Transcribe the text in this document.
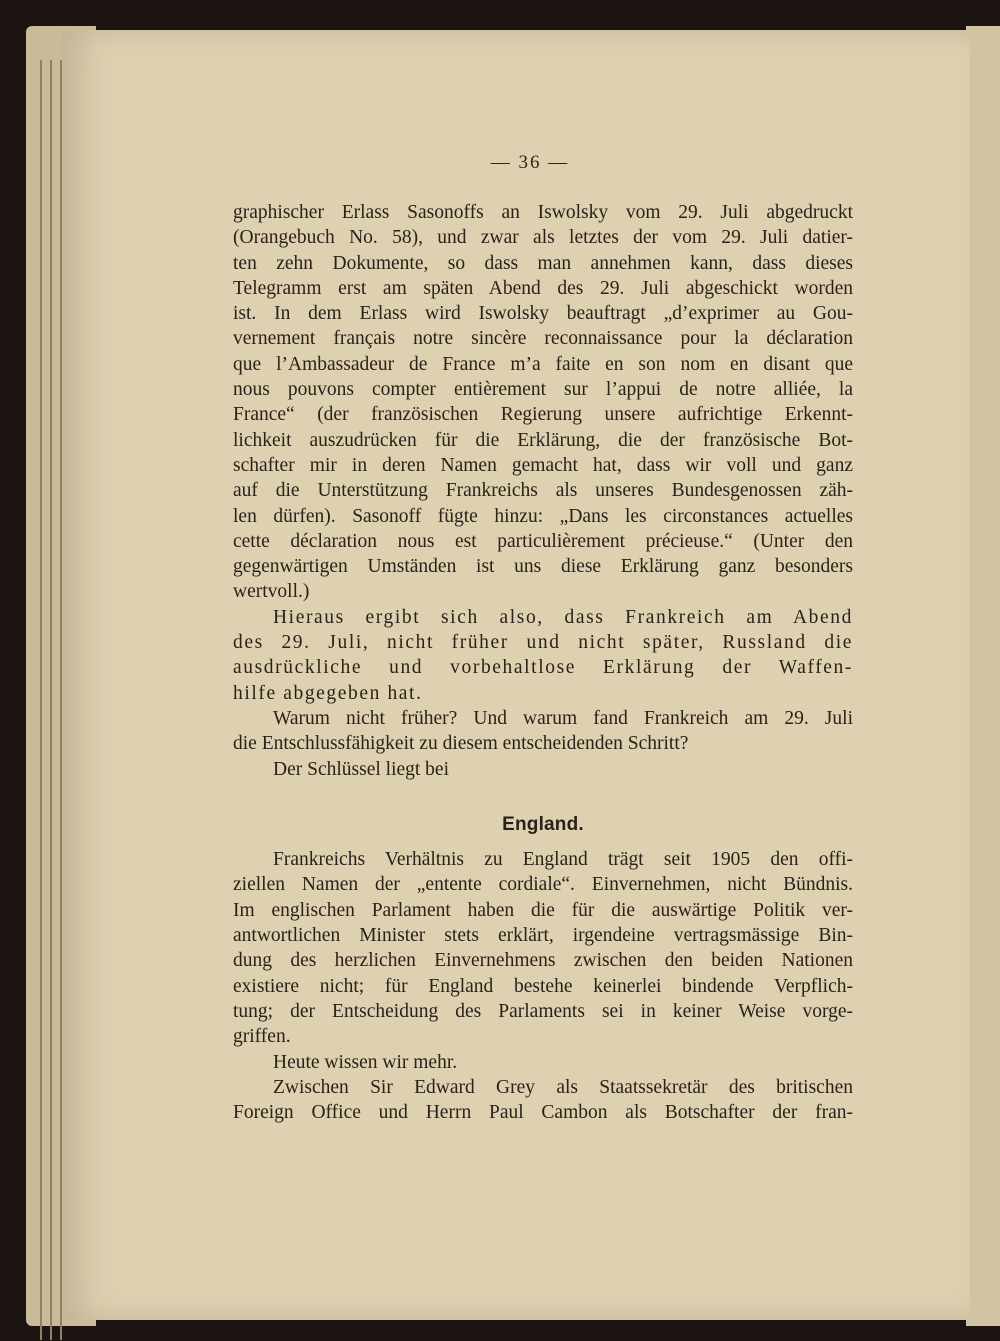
— 36 —
graphischer Erlass Sasonoffs an Iswolsky vom 29. Juli abgedruckt
(Orangebuch No. 58), und zwar als letztes der vom 29. Juli datier-
ten zehn Dokumente, so dass man annehmen kann, dass dieses
Telegramm erst am späten Abend des 29. Juli abgeschickt worden
ist. In dem Erlass wird Iswolsky beauftragt „d’exprimer au Gou-
vernement français notre sincère reconnaissance pour la déclaration
que l’Ambassadeur de France m’a faite en son nom en disant que
nous pouvons compter entièrement sur l’appui de notre alliée, la
France“ (der französischen Regierung unsere aufrichtige Erkennt-
lichkeit auszudrücken für die Erklärung, die der französische Bot-
schafter mir in deren Namen gemacht hat, dass wir voll und ganz
auf die Unterstützung Frankreichs als unseres Bundesgenossen zäh-
len dürfen). Sasonoff fügte hinzu: „Dans les circonstances actuelles
cette déclaration nous est particulièrement précieuse.“ (Unter den
gegenwärtigen Umständen ist uns diese Erklärung ganz besonders
wertvoll.)
Hieraus ergibt sich also, dass Frankreich am Abend
des 29. Juli, nicht früher und nicht später, Russland die
ausdrückliche und vorbehaltlose Erklärung der Waffen-
hilfe abgegeben hat.
Warum nicht früher? Und warum fand Frankreich am 29. Juli
die Entschlussfähigkeit zu diesem entscheidenden Schritt?
Der Schlüssel liegt bei
England.
Frankreichs Verhältnis zu England trägt seit 1905 den offi-
ziellen Namen der „entente cordiale“. Einvernehmen, nicht Bündnis.
Im englischen Parlament haben die für die auswärtige Politik ver-
antwortlichen Minister stets erklärt, irgendeine vertragsmässige Bin-
dung des herzlichen Einvernehmens zwischen den beiden Nationen
existiere nicht; für England bestehe keinerlei bindende Verpflich-
tung; der Entscheidung des Parlaments sei in keiner Weise vorge-
griffen.
Heute wissen wir mehr.
Zwischen Sir Edward Grey als Staatssekretär des britischen
Foreign Office und Herrn Paul Cambon als Botschafter der fran-
